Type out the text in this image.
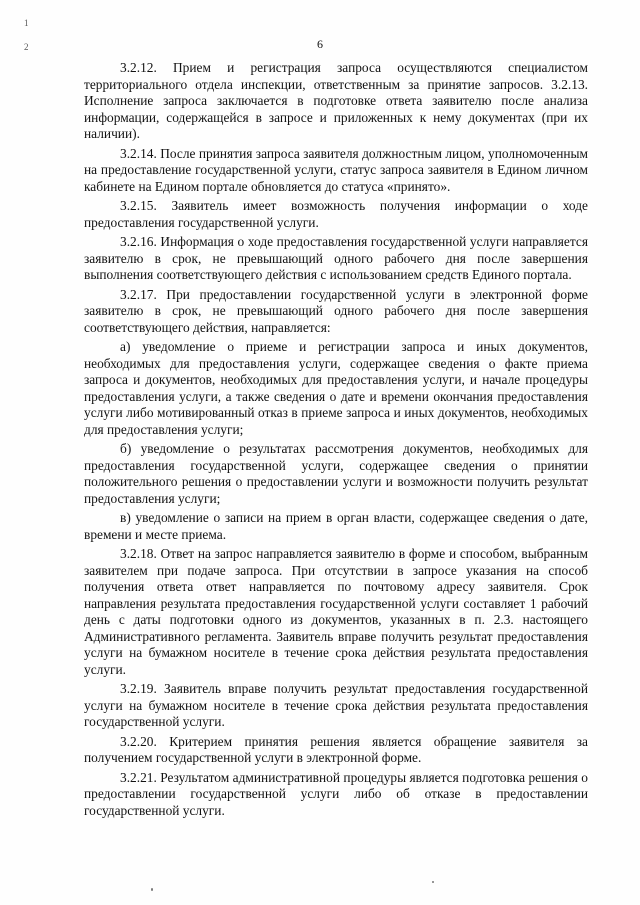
1
2	6

3.2.12. Прием и регистрация запроса осуществляются специалистом территориального отдела инспекции, ответственным за принятие запросов. 3.2.13. Исполнение запроса заключается в подготовке ответа заявителю после анализа информации, содержащейся в запросе и приложенных к нему документах (при их наличии).

3.2.14. После принятия запроса заявителя должностным лицом, уполномоченным на предоставление государственной услуги, статус запроса заявителя в Едином личном кабинете на Едином портале обновляется до статуса «принято».

3.2.15. Заявитель имеет возможность получения информации о ходе предоставления государственной услуги.

3.2.16. Информация о ходе предоставления государственной услуги направляется заявителю в срок, не превышающий одного рабочего дня после завершения выполнения соответствующего действия с использованием средств Единого портала.

3.2.17. При предоставлении государственной услуги в электронной форме заявителю в срок, не превышающий одного рабочего дня после завершения соответствующего действия, направляется:

а) уведомление о приеме и регистрации запроса и иных документов, необходимых для предоставления услуги, содержащее сведения о факте приема запроса и документов, необходимых для предоставления услуги, и начале процедуры предоставления услуги, а также сведения о дате и времени окончания предоставления услуги либо мотивированный отказ в приеме запроса и иных документов, необходимых для предоставления услуги;

б) уведомление о результатах рассмотрения документов, необходимых для предоставления государственной услуги, содержащее сведения о принятии положительного решения о предоставлении услуги и возможности получить результат предоставления услуги;

в) уведомление о записи на прием в орган власти, содержащее сведения о дате, времени и месте приема.

3.2.18. Ответ на запрос направляется заявителю в форме и способом, выбранным заявителем при подаче запроса. При отсутствии в запросе указания на способ получения ответа ответ направляется по почтовому адресу заявителя. Срок направления результата предоставления государственной услуги составляет 1 рабочий день с даты подготовки одного из документов, указанных в п. 2.3. настоящего Административного регламента. Заявитель вправе получить результат предоставления услуги на бумажном носителе в течение срока действия результата предоставления услуги.

3.2.19. Заявитель вправе получить результат предоставления государственной услуги на бумажном носителе в течение срока действия результата предоставления государственной услуги.

3.2.20. Критерием принятия решения является обращение заявителя за получением государственной услуги в электронной форме.

3.2.21. Результатом административной процедуры является подготовка решения о предоставлении государственной услуги либо об отказе в предоставлении государственной услуги.
